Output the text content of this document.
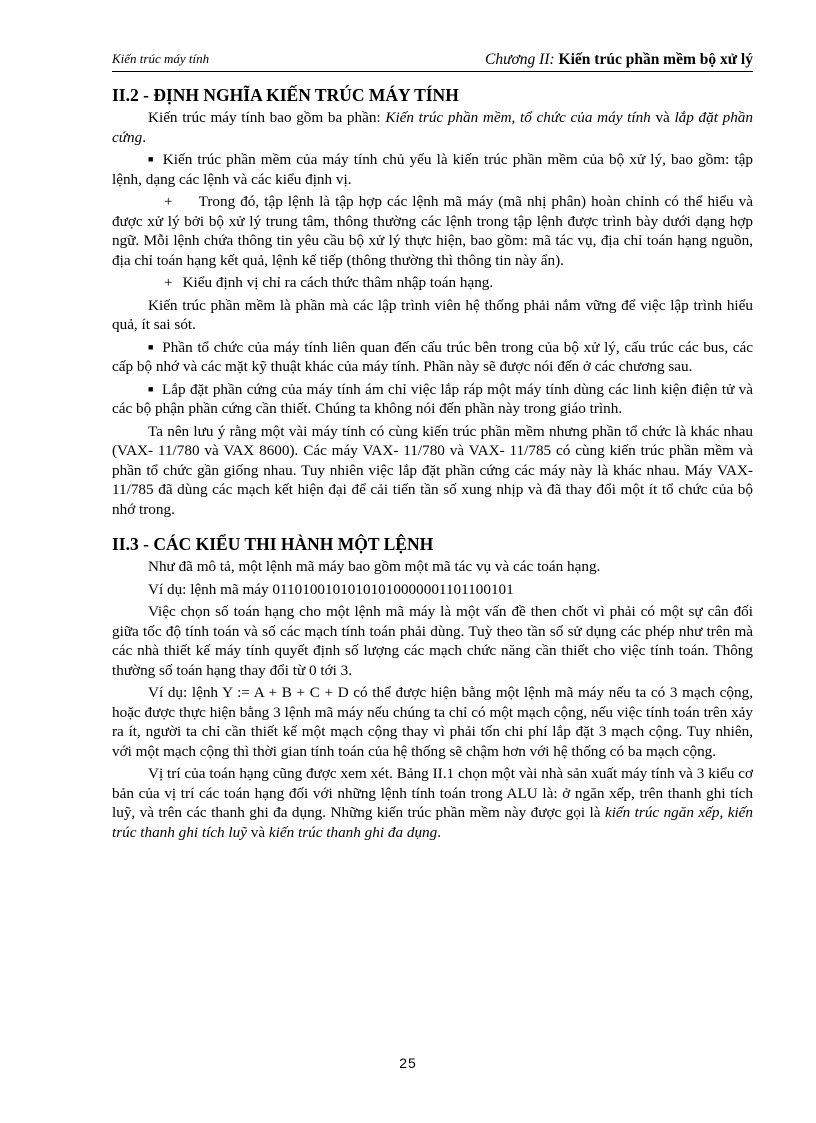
Kiến trúc máy tính	Chương II: Kiến trúc phần mềm bộ xử lý
II.2 - ĐỊNH NGHĨA KIẾN TRÚC MÁY TÍNH

Kiến trúc máy tính bao gồm ba phần: Kiến trúc phần mềm, tổ chức của máy tính và lắp đặt phần cứng.

■ Kiến trúc phần mềm của máy tính chủ yếu là kiến trúc phần mềm của bộ xử lý, bao gồm: tập lệnh, dạng các lệnh và các kiểu định vị.

+ Trong đó, tập lệnh là tập hợp các lệnh mã máy (mã nhị phân) hoàn chỉnh có thể hiểu và được xử lý bởi bộ xử lý trung tâm, thông thường các lệnh trong tập lệnh được trình bày dưới dạng hợp ngữ. Mỗi lệnh chứa thông tin yêu cầu bộ xử lý thực hiện, bao gồm: mã tác vụ, địa chỉ toán hạng nguồn, địa chỉ toán hạng kết quả, lệnh kế tiếp (thông thường thì thông tin này ẩn).

+ Kiểu định vị chỉ ra cách thức thâm nhập toán hạng.

Kiến trúc phần mềm là phần mà các lập trình viên hệ thống phải nắm vững để việc lập trình hiểu quả, ít sai sót.

■ Phần tổ chức của máy tính liên quan đến cấu trúc bên trong của bộ xử lý, cấu trúc các bus, các cấp bộ nhớ và các mặt kỹ thuật khác của máy tính. Phần này sẽ được nói đến ở các chương sau.

■ Lắp đặt phần cứng của máy tính ám chỉ việc lắp ráp một máy tính dùng các linh kiện điện tử và các bộ phận phần cứng cần thiết. Chúng ta không nói đến phần này trong giáo trình.

Ta nên lưu ý rằng một vài máy tính có cùng kiến trúc phần mềm nhưng phần tổ chức là khác nhau (VAX- 11/780 và VAX 8600). Các máy VAX- 11/780 và VAX- 11/785 có cùng kiến trúc phần mềm và phần tổ chức gần giống nhau. Tuy nhiên việc lắp đặt phần cứng các máy này là khác nhau. Máy VAX- 11/785 đã dùng các mạch kết hiện đại để cải tiến tần số xung nhịp và đã thay đổi một ít tổ chức của bộ nhớ trong.

II.3 - CÁC KIỂU THI HÀNH MỘT LỆNH

Như đã mô tả, một lệnh mã máy bao gồm một mã tác vụ và các toán hạng.

Ví dụ: lệnh mã máy 01101001010101010000001101100101

Việc chọn số toán hạng cho một lệnh mã máy là một vấn đề then chốt vì phải có một sự cân đối giữa tốc độ tính toán và số các mạch tính toán phải dùng. Tuỳ theo tần số sử dụng các phép như trên mà các nhà thiết kế máy tính quyết định số lượng các mạch chức năng cần thiết cho việc tính toán. Thông thường số toán hạng thay đổi từ 0 tới 3.

Ví dụ: lệnh Y := A + B + C + D có thể được hiện bằng một lệnh mã máy nếu ta có 3 mạch cộng, hoặc được thực hiện bằng 3 lệnh mã máy nếu chúng ta chỉ có một mạch cộng, nếu việc tính toán trên xảy ra ít, người ta chỉ cần thiết kế một mạch cộng thay vì phải tốn chi phí lắp đặt 3 mạch cộng. Tuy nhiên, với một mạch cộng thì thời gian tính toán của hệ thống sẽ chậm hơn với hệ thống có ba mạch cộng.

Vị trí của toán hạng cũng được xem xét. Bảng II.1 chọn một vài nhà sản xuất máy tính và 3 kiểu cơ bản của vị trí các toán hạng đối với những lệnh tính toán trong ALU là: ở ngăn xếp, trên thanh ghi tích luỹ, và trên các thanh ghi đa dụng. Những kiến trúc phần mềm này được gọi là kiến trúc ngăn xếp, kiến trúc thanh ghi tích luỹ và kiến trúc thanh ghi đa dụng.

25
